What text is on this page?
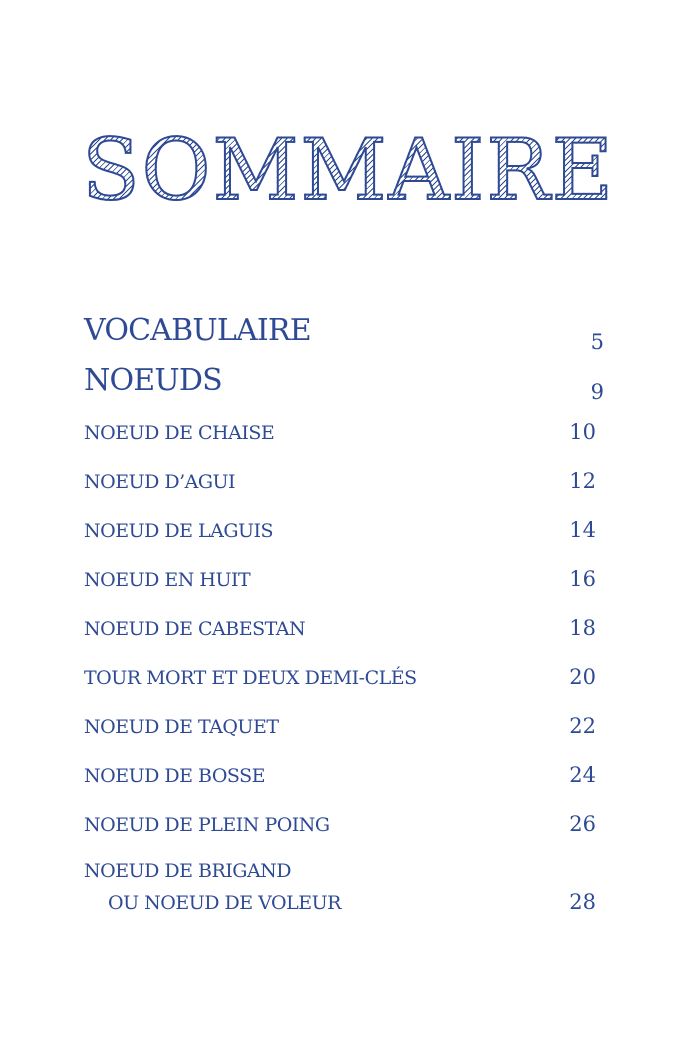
SOMMAIRE
VOCABULAIRE	5
NOEUDS	9
NOEUD DE CHAISE	10
NOEUD D’AGUI	12
NOEUD DE LAGUIS	14
NOEUD EN HUIT	16
NOEUD DE CABESTAN	18
TOUR MORT ET DEUX DEMI-CLÉS	20
NOEUD DE TAQUET	22
NOEUD DE BOSSE	24
NOEUD DE PLEIN POING	26
NOEUD DE BRIGAND
OU NOEUD DE VOLEUR	28
